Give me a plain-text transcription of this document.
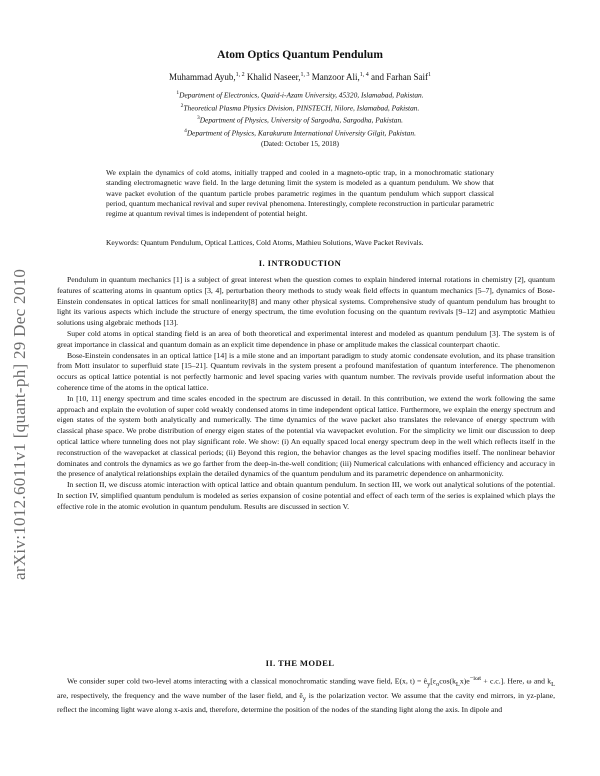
arXiv:1012.6011v1 [quant-ph] 29 Dec 2010
Atom Optics Quantum Pendulum
Muhammad Ayub,$^{1, 2}$ Khalid Naseer,$^{1, 3}$ Manzoor Ali,$^{1, 4}$ and Farhan Saif$^1$
$^1$Department of Electronics, Quaid-i-Azam University, 45320, Islamabad, Pakistan.
$^2$Theoretical Plasma Physics Division, PINSTECH, Nilore, Islamabad, Pakistan.
$^3$Department of Physics, University of Sargodha, Sargodha, Pakistan.
$^4$Department of Physics, Karakurum International University Gilgit, Pakistan.
(Dated: October 15, 2018)
We explain the dynamics of cold atoms, initially trapped and cooled in a magneto-optic trap, in a monochromatic stationary standing electromagnetic wave field. In the large detuning limit the system is modeled as a quantum pendulum. We show that wave packet evolution of the quantum particle probes parametric regimes in the quantum pendulum which support classical period, quantum mechanical revival and super revival phenomena. Interestingly, complete reconstruction in particular parametric regime at quantum revival times is independent of potential height.
Keywords: Quantum Pendulum, Optical Lattices, Cold Atoms, Mathieu Solutions, Wave Packet Revivals.
I. INTRODUCTION

Pendulum in quantum mechanics [1] is a subject of great interest when the question comes to explain hindered internal rotations in chemistry [2], quantum features of scattering atoms in quantum optics [3, 4], perturbation theory methods to study weak field effects in quantum mechanics [5–7], dynamics of Bose-Einstein condensates in optical lattices for small nonlinearity[8] and many other physical systems. Comprehensive study of quantum pendulum has brought to light its various aspects which include the structure of energy spectrum, the time evolution focusing on the quantum revivals [9–12] and asymptotic Mathieu solutions using algebraic methods [13].

Super cold atoms in optical standing field is an area of both theoretical and experimental interest and modeled as quantum pendulum [3]. The system is of great importance in classical and quantum domain as an explicit time dependence in phase or amplitude makes the classical counterpart chaotic.

Bose-Einstein condensates in an optical lattice [14] is a mile stone and an important paradigm to study atomic condensate evolution, and its phase transition from Mott insulator to superfluid state [15–21]. Quantum revivals in the system present a profound manifestation of quantum interference. The phenomenon occurs as optical lattice potential is not perfectly harmonic and level spacing varies with quantum number. The revivals provide useful information about the coherence time of the atoms in the optical lattice.

In [10, 11] energy spectrum and time scales encoded in the spectrum are discussed in detail. In this contribution, we extend the work following the same approach and explain the evolution of super cold weakly condensed atoms in time independent optical lattice. Furthermore, we explain the energy spectrum and eigen states of the system both analytically and numerically. The time dynamics of the wave packet also translates the relevance of energy spectrum with classical phase space. We probe distribution of energy eigen states of the potential via wavepacket evolution. For the simplicity we limit our discussion to deep optical lattice where tunneling does not play significant role. We show: (i) An equally spaced local energy spectrum deep in the well which reflects itself in the reconstruction of the wavepacket at classical periods; (ii) Beyond this region, the behavior changes as the level spacing modifies itself. The nonlinear behavior dominates and controls the dynamics as we go farther from the deep-in-the-well condition; (iii) Numerical calculations with enhanced efficiency and accuracy in the presence of analytical relationships explain the detailed dynamics of the quantum pendulum and its parametric dependence on anharmonicity.

In section II, we discuss atomic interaction with optical lattice and obtain quantum pendulum. In section III, we work out analytical solutions of the potential. In section IV, simplified quantum pendulum is modeled as series expansion of cosine potential and effect of each term of the series is explained which plays the effective role in the atomic evolution in quantum pendulum. Results are discussed in section V.

II. THE MODEL

We consider super cold two-level atoms interacting with a classical monochromatic standing wave field, E(x, $t) = ê_y[\varepsilon_o\cos(k_Lx)e^{-i\omega t} + c.c.]$. Here, ω and $k_L$ are, respectively, the frequency and the wave number of the laser field, and $ê_y$ is the polarization vector. We assume that the cavity end mirrors, in yz-plane, reflect the incoming light wave along x-axis and, therefore, determine the position of the nodes of the standing light along the axis. In dipole and
